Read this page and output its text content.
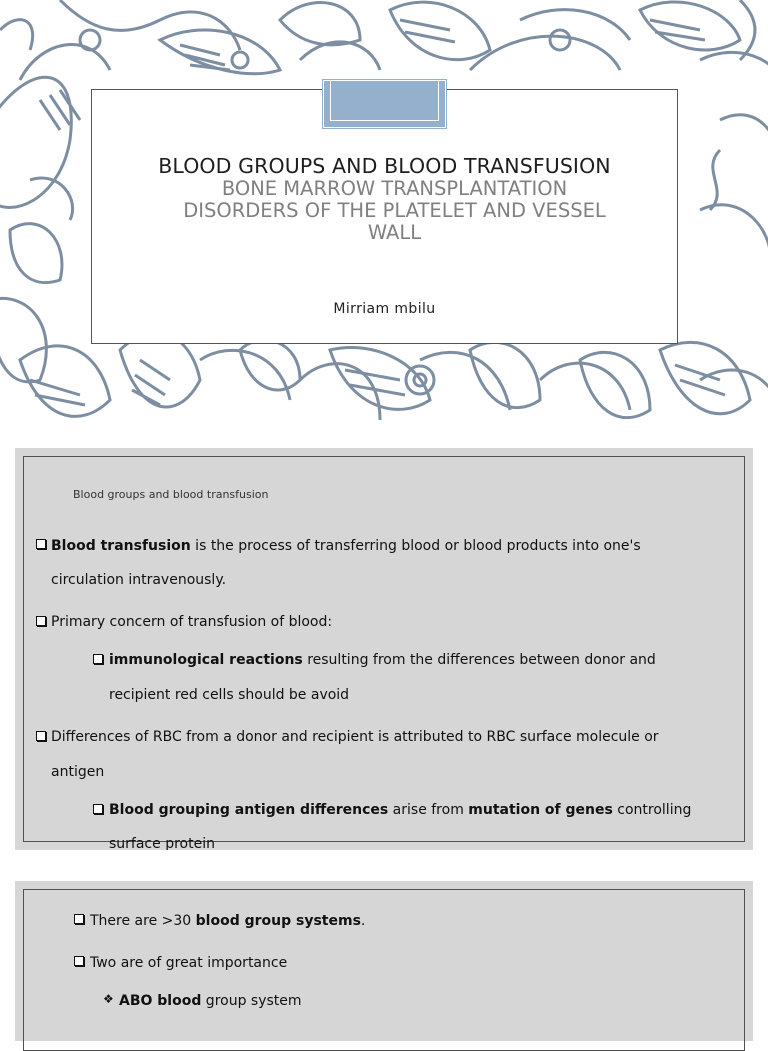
BLOOD GROUPS AND BLOOD TRANSFUSION
BONE MARROW TRANSPLANTATION
DISORDERS OF THE PLATELET AND VESSEL
WALL
Mirriam mbilu
Blood groups and blood transfusion
Blood transfusion is the process of transferring blood or blood products into one's
circulation intravenously.
Primary concern of transfusion of blood:
immunological reactions resulting from the differences between donor and
recipient red cells should be avoid
Differences of RBC from a donor and recipient is attributed to RBC surface molecule or
antigen
Blood grouping antigen differences arise from mutation of genes controlling
surface protein
There are >30 blood group systems.
Two are of great importance
❖ ABO blood group system
